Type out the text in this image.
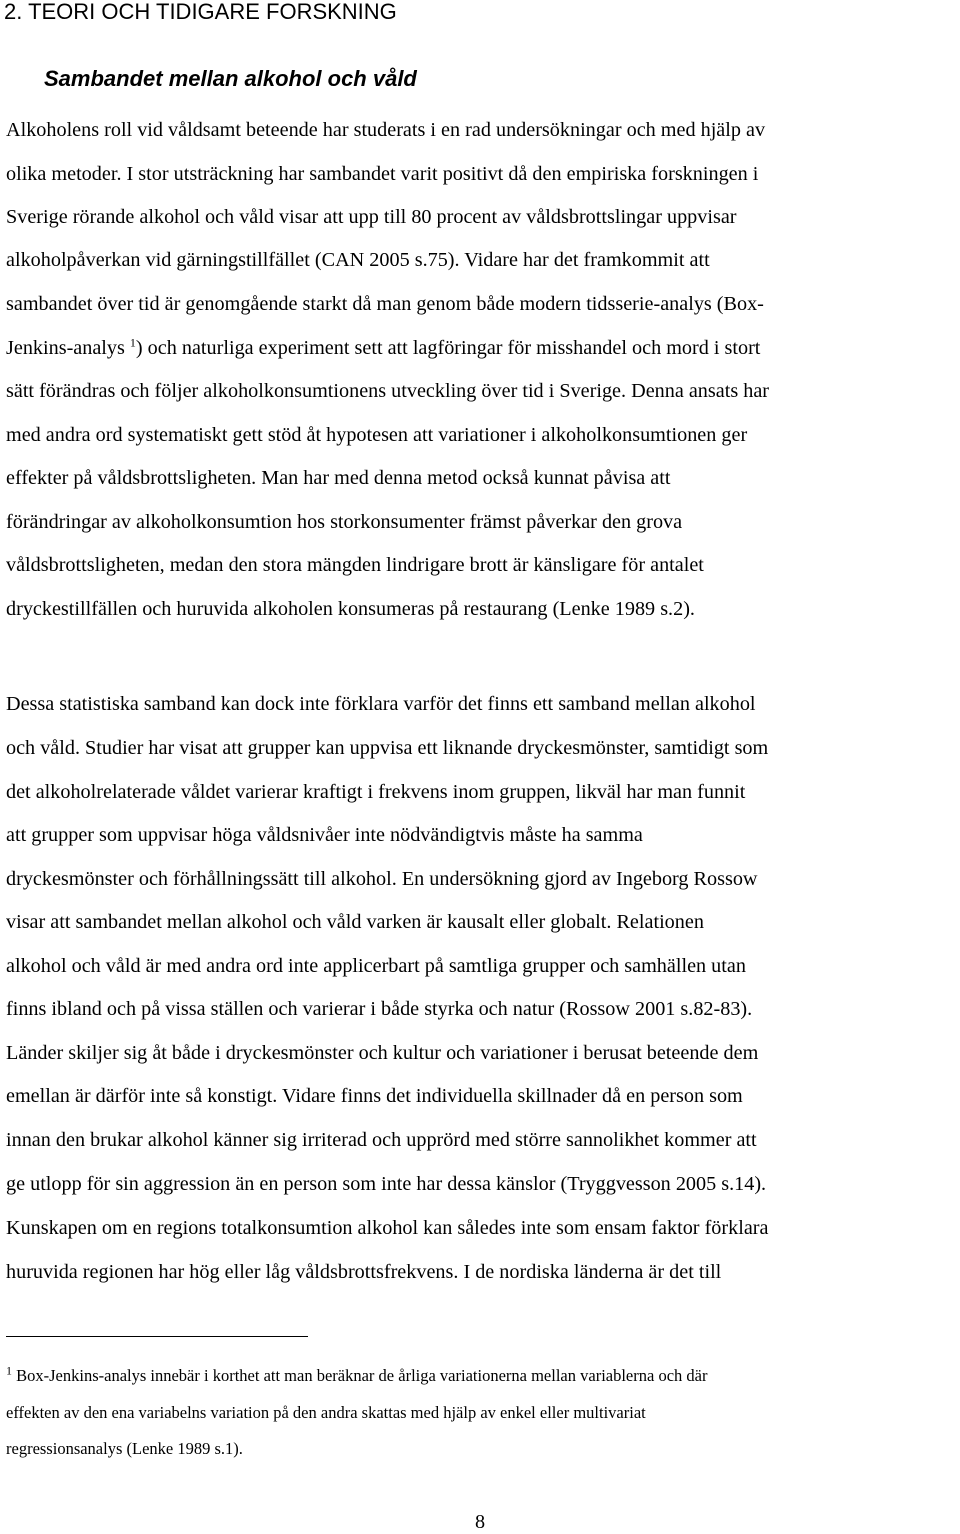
2. TEORI OCH TIDIGARE FORSKNING
Sambandet mellan alkohol och våld
Alkoholens roll vid våldsamt beteende har studerats i en rad undersökningar och med hjälp av
olika metoder. I stor utsträckning har sambandet varit positivt då den empiriska forskningen i
Sverige rörande alkohol och våld visar att upp till 80 procent av våldsbrottslingar uppvisar
alkoholpåverkan vid gärningstillfället (CAN 2005 s.75). Vidare har det framkommit att
sambandet över tid är genomgående starkt då man genom både modern tidsserie-analys (Box-
Jenkins-analys $^1$) och naturliga experiment sett att lagföringar för misshandel och mord i stort
sätt förändras och följer alkoholkonsumtionens utveckling över tid i Sverige. Denna ansats har
med andra ord systematiskt gett stöd åt hypotesen att variationer i alkoholkonsumtionen ger
effekter på våldsbrottsligheten. Man har med denna metod också kunnat påvisa att
förändringar av alkoholkonsumtion hos storkonsumenter främst påverkar den grova
våldsbrottsligheten, medan den stora mängden lindrigare brott är känsligare för antalet
dryckestillfällen och huruvida alkoholen konsumeras på restaurang (Lenke 1989 s.2).
Dessa statistiska samband kan dock inte förklara varför det finns ett samband mellan alkohol
och våld. Studier har visat att grupper kan uppvisa ett liknande dryckesmönster, samtidigt som
det alkoholrelaterade våldet varierar kraftigt i frekvens inom gruppen, likväl har man funnit
att grupper som uppvisar höga våldsnivåer inte nödvändigtvis måste ha samma
dryckesmönster och förhållningssätt till alkohol. En undersökning gjord av Ingeborg Rossow
visar att sambandet mellan alkohol och våld varken är kausalt eller globalt. Relationen
alkohol och våld är med andra ord inte applicerbart på samtliga grupper och samhällen utan
finns ibland och på vissa ställen och varierar i både styrka och natur (Rossow 2001 s.82-83).
Länder skiljer sig åt både i dryckesmönster och kultur och variationer i berusat beteende dem
emellan är därför inte så konstigt. Vidare finns det individuella skillnader då en person som
innan den brukar alkohol känner sig irriterad och upprörd med större sannolikhet kommer att
ge utlopp för sin aggression än en person som inte har dessa känslor (Tryggvesson 2005 s.14).
Kunskapen om en regions totalkonsumtion alkohol kan således inte som ensam faktor förklara
huruvida regionen har hög eller låg våldsbrottsfrekvens. I de nordiska länderna är det till
$^1$ Box-Jenkins-analys innebär i korthet att man beräknar de årliga variationerna mellan variablerna och där
effekten av den ena variabelns variation på den andra skattas med hjälp av enkel eller multivariat
regressionsanalys (Lenke 1989 s.1).
8
